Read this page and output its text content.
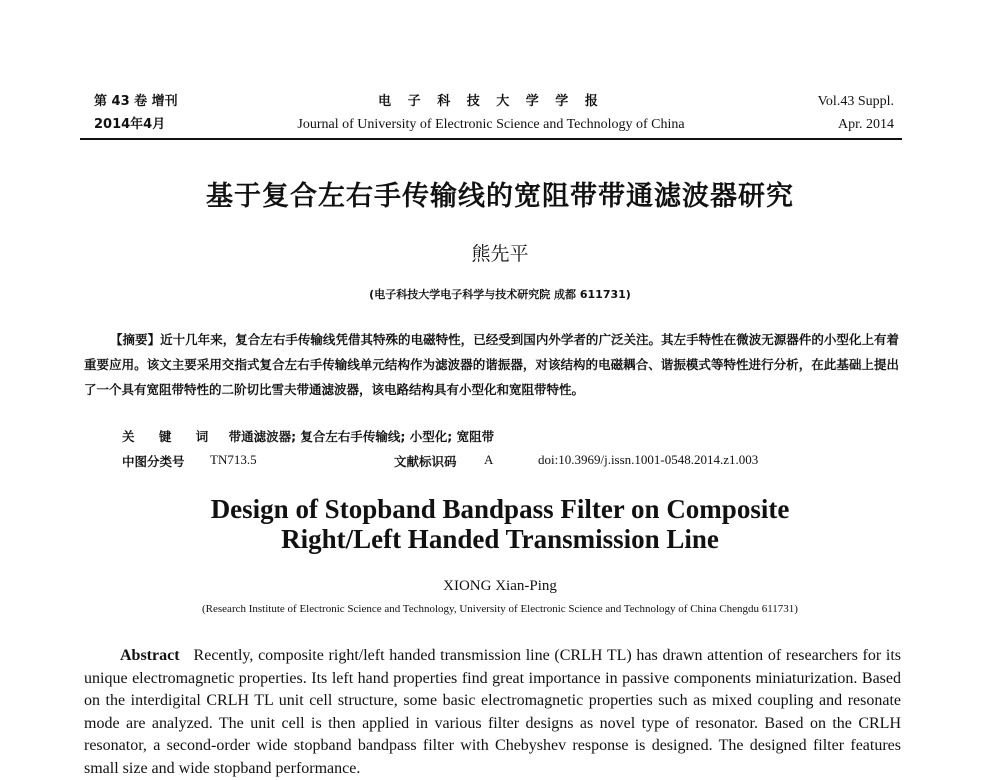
第 43 卷 增刊	电 子 科 技 大 学 学 报	Vol.43 Suppl.
2014年4月	Journal of University of Electronic Science and Technology of China	Apr. 2014
基于复合左右手传输线的宽阻带带通滤波器研究
熊先平
(电子科技大学电子科学与技术研究院 成都 611731)
【摘要】近十几年来，复合左右手传输线凭借其特殊的电磁特性，已经受到国内外学者的广泛关注。其左手特性在微波无源器件的小型化上有着重要应用。该文主要采用交指式复合左右手传输线单元结构作为滤波器的谐振器，对该结构的电磁耦合、谐振模式等特性进行分析，在此基础上提出了一个具有宽阻带特性的二阶切比雪夫带通滤波器，该电路结构具有小型化和宽阻带特性。
关 键 词 带通滤波器; 复合左右手传输线; 小型化; 宽阻带
中图分类号 TN713.5	文献标识码 A	doi:10.3969/j.issn.1001-0548.2014.z1.003
Design of Stopband Bandpass Filter on Composite
Right/Left Handed Transmission Line
XIONG Xian-Ping
(Research Institute of Electronic Science and Technology, University of Electronic Science and Technology of China Chengdu 611731)
Abstract Recently, composite right/left handed transmission line (CRLH TL) has drawn attention of researchers for its unique electromagnetic properties. Its left hand properties find great importance in passive components miniaturization. Based on the interdigital CRLH TL unit cell structure, some basic electromagnetic properties such as mixed coupling and resonate mode are analyzed. The unit cell is then applied in various filter designs as novel type of resonator. Based on the CRLH resonator, a second-order wide stopband bandpass filter with Chebyshev response is designed. The designed filter features small size and wide stopband performance.
